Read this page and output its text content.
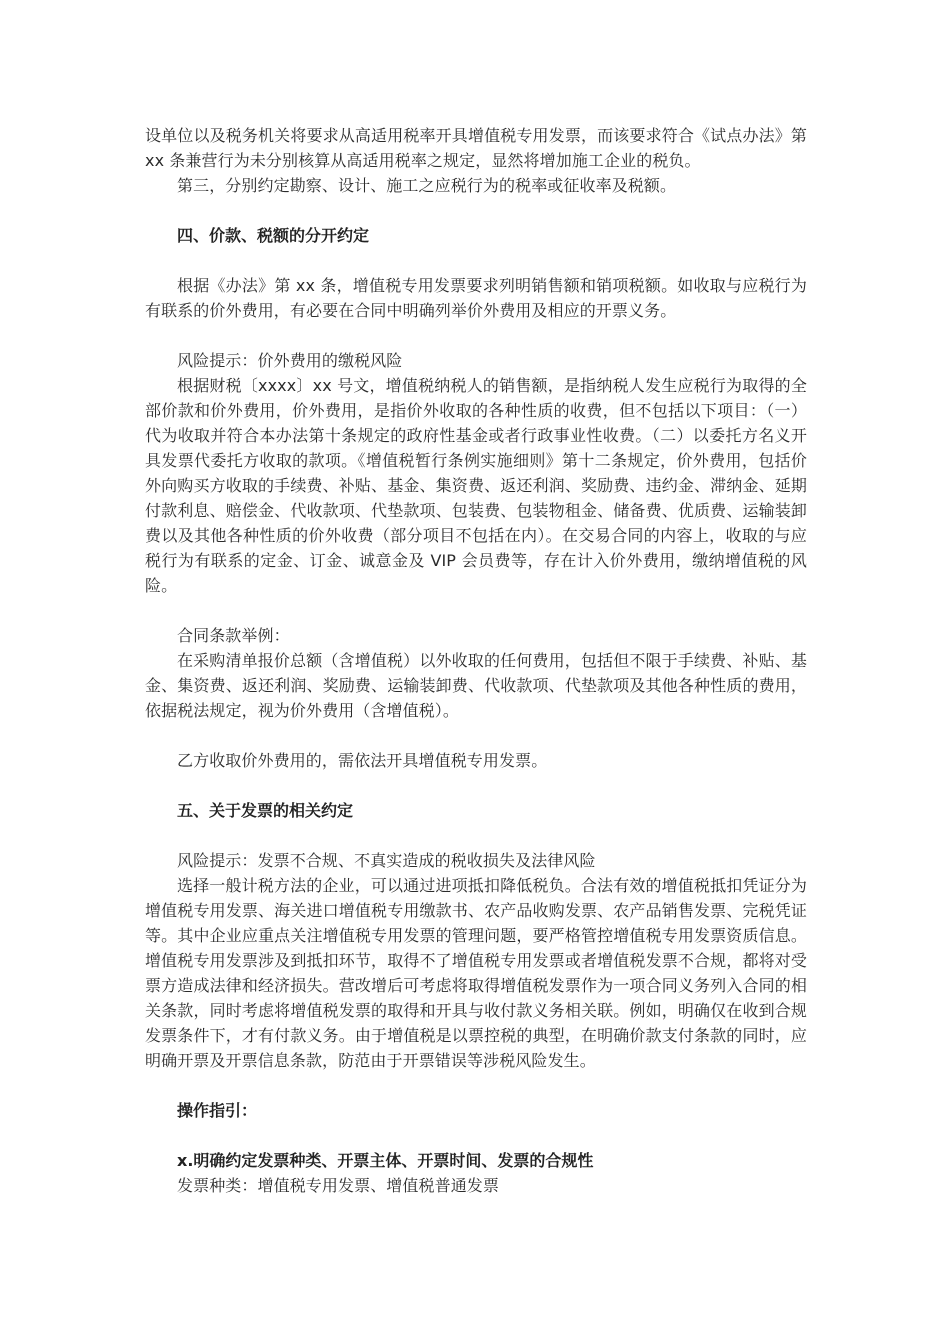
设单位以及税务机关将要求从高适用税率开具增值税专用发票，而该要求符合《试点办法》第 xx 条兼营行为未分别核算从高适用税率之规定，显然将增加施工企业的税负。

第三，分别约定勘察、设计、施工之应税行为的税率或征收率及税额。

四、价款、税额的分开约定

根据《办法》第 xx 条，增值税专用发票要求列明销售额和销项税额。如收取与应税行为有联系的价外费用，有必要在合同中明确列举价外费用及相应的开票义务。

风险提示：价外费用的缴税风险

根据财税〔xxxx〕xx 号文，增值税纳税人的销售额，是指纳税人发生应税行为取得的全部价款和价外费用，价外费用，是指价外收取的各种性质的收费，但不包括以下项目：（一）代为收取并符合本办法第十条规定的政府性基金或者行政事业性收费。（二）以委托方名义开具发票代委托方收取的款项。《增值税暂行条例实施细则》第十二条规定，价外费用，包括价外向购买方收取的手续费、补贴、基金、集资费、返还利润、奖励费、违约金、滞纳金、延期付款利息、赔偿金、代收款项、代垫款项、包装费、包装物租金、储备费、优质费、运输装卸费以及其他各种性质的价外收费（部分项目不包括在内）。在交易合同的内容上，收取的与应税行为有联系的定金、订金、诚意金及 VIP 会员费等，存在计入价外费用，缴纳增值税的风险。

合同条款举例：

在采购清单报价总额（含增值税）以外收取的任何费用，包括但不限于手续费、补贴、基金、集资费、返还利润、奖励费、运输装卸费、代收款项、代垫款项及其他各种性质的费用，依据税法规定，视为价外费用（含增值税）。

乙方收取价外费用的，需依法开具增值税专用发票。

五、关于发票的相关约定

风险提示：发票不合规、不真实造成的税收损失及法律风险

选择一般计税方法的企业，可以通过进项抵扣降低税负。合法有效的增值税抵扣凭证分为增值税专用发票、海关进口增值税专用缴款书、农产品收购发票、农产品销售发票、完税凭证等。其中企业应重点关注增值税专用发票的管理问题，要严格管控增值税专用发票资质信息。增值税专用发票涉及到抵扣环节，取得不了增值税专用发票或者增值税发票不合规，都将对受票方造成法律和经济损失。营改增后可考虑将取得增值税发票作为一项合同义务列入合同的相关条款，同时考虑将增值税发票的取得和开具与收付款义务相关联。例如，明确仅在收到合规发票条件下，才有付款义务。由于增值税是以票控税的典型，在明确价款支付条款的同时，应明确开票及开票信息条款，防范由于开票错误等涉税风险发生。

操作指引：

x.明确约定发票种类、开票主体、开票时间、发票的合规性

发票种类：增值税专用发票、增值税普通发票
